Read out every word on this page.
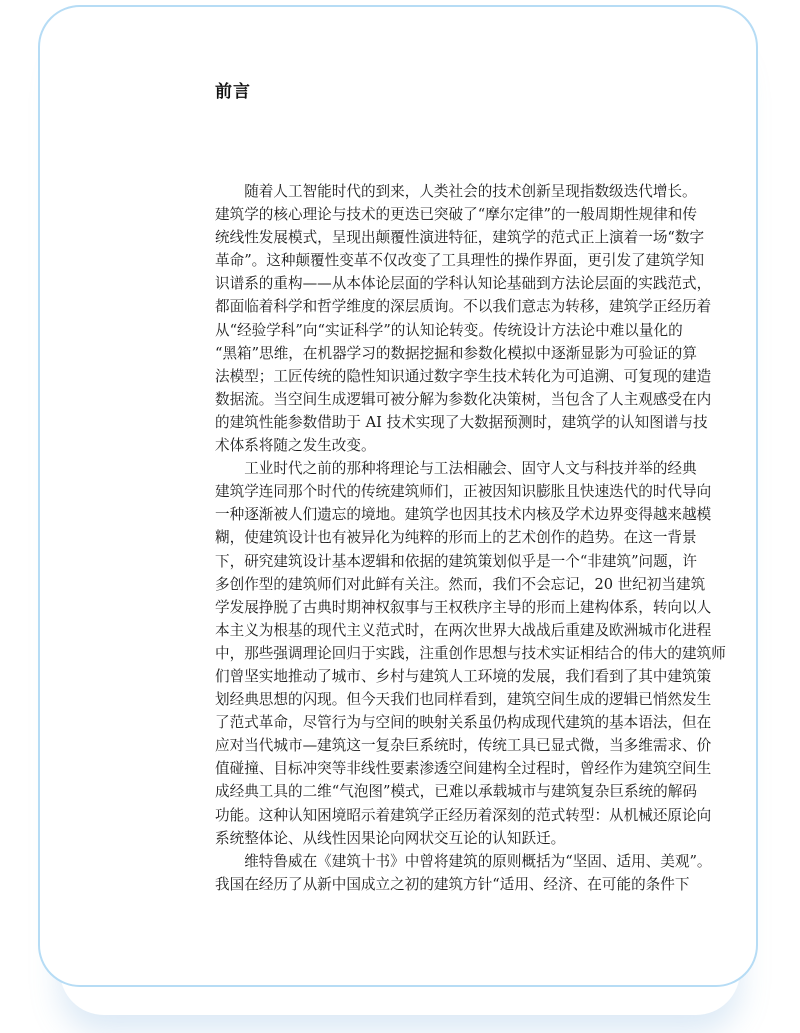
前言
　　随着人工智能时代的到来，人类社会的技术创新呈现指数级迭代增长。
建筑学的核心理论与技术的更迭已突破了“摩尔定律”的一般周期性规律和传
统线性发展模式，呈现出颠覆性演进特征，建筑学的范式正上演着一场“数字
革命”。这种颠覆性变革不仅改变了工具理性的操作界面，更引发了建筑学知
识谱系的重构——从本体论层面的学科认知论基础到方法论层面的实践范式，
都面临着科学和哲学维度的深层质询。不以我们意志为转移，建筑学正经历着
从“经验学科”向“实证科学”的认知论转变。传统设计方法论中难以量化的
“黑箱”思维，在机器学习的数据挖掘和参数化模拟中逐渐显影为可验证的算
法模型；工匠传统的隐性知识通过数字孪生技术转化为可追溯、可复现的建造
数据流。当空间生成逻辑可被分解为参数化决策树，当包含了人主观感受在内
的建筑性能参数借助于 AI 技术实现了大数据预测时，建筑学的认知图谱与技
术体系将随之发生改变。
　　工业时代之前的那种将理论与工法相融会、固守人文与科技并举的经典
建筑学连同那个时代的传统建筑师们，正被因知识膨胀且快速迭代的时代导向
一种逐渐被人们遗忘的境地。建筑学也因其技术内核及学术边界变得越来越模
糊，使建筑设计也有被异化为纯粹的形而上的艺术创作的趋势。在这一背景
下，研究建筑设计基本逻辑和依据的建筑策划似乎是一个“非建筑”问题，许
多创作型的建筑师们对此鲜有关注。然而，我们不会忘记，20 世纪初当建筑
学发展挣脱了古典时期神权叙事与王权秩序主导的形而上建构体系，转向以人
本主义为根基的现代主义范式时，在两次世界大战战后重建及欧洲城市化进程
中，那些强调理论回归于实践，注重创作思想与技术实证相结合的伟大的建筑师
们曾坚实地推动了城市、乡村与建筑人工环境的发展，我们看到了其中建筑策
划经典思想的闪现。但今天我们也同样看到，建筑空间生成的逻辑已悄然发生
了范式革命，尽管行为与空间的映射关系虽仍构成现代建筑的基本语法，但在
应对当代城市—建筑这一复杂巨系统时，传统工具已显式微，当多维需求、价
值碰撞、目标冲突等非线性要素渗透空间建构全过程时，曾经作为建筑空间生
成经典工具的二维“气泡图”模式，已难以承载城市与建筑复杂巨系统的解码
功能。这种认知困境昭示着建筑学正经历着深刻的范式转型：从机械还原论向
系统整体论、从线性因果论向网状交互论的认知跃迁。
　　维特鲁威在《建筑十书》中曾将建筑的原则概括为“坚固、适用、美观”。
我国在经历了从新中国成立之初的建筑方针“适用、经济、在可能的条件下
